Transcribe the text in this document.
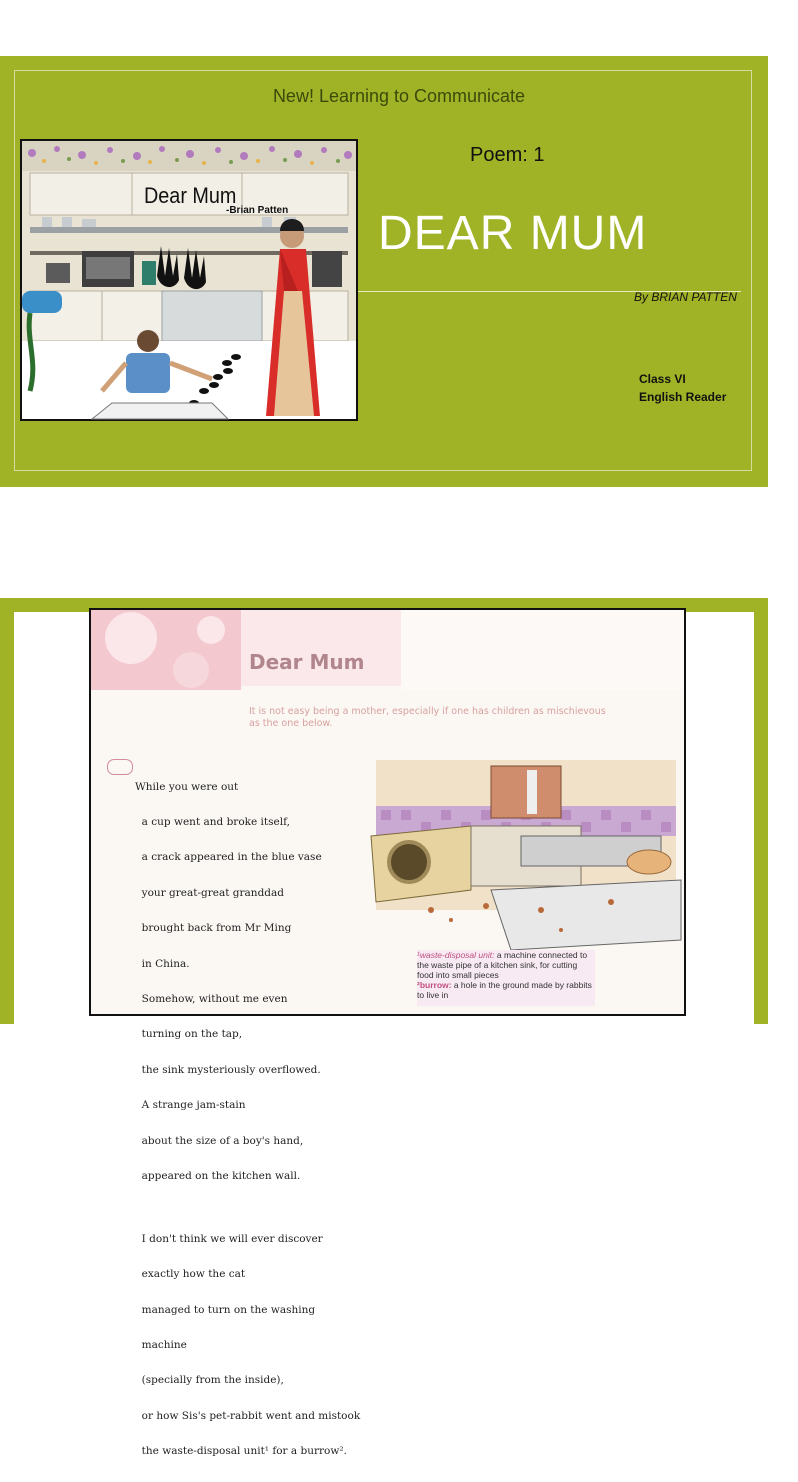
New! Learning to Communicate
Dear Mum
-Brian Patten
Poem: 1
DEAR MUM
By BRIAN PATTEN
Class VI
English Reader
Dear Mum
It is not easy being a mother, especially if one has children as mischievous as the one below.

While you were out

a cup went and broke itself,

a crack appeared in the blue vase

your great-great granddad

brought back from Mr Ming

in China.

Somehow, without me even

turning on the tap,

the sink mysteriously overflowed.

A strange jam-stain

about the size of a boy's hand,

appeared on the kitchen wall.

I don't think we will ever discover

exactly how the cat

managed to turn on the washing

machine

(specially from the inside),

or how Sis's pet-rabbit went and mistook

the waste-disposal unit¹ for a burrow².

¹waste-disposal unit: a machine connected to the waste pipe of a kitchen sink, for cutting food into small pieces
²burrow: a hole in the ground made by rabbits to live in
